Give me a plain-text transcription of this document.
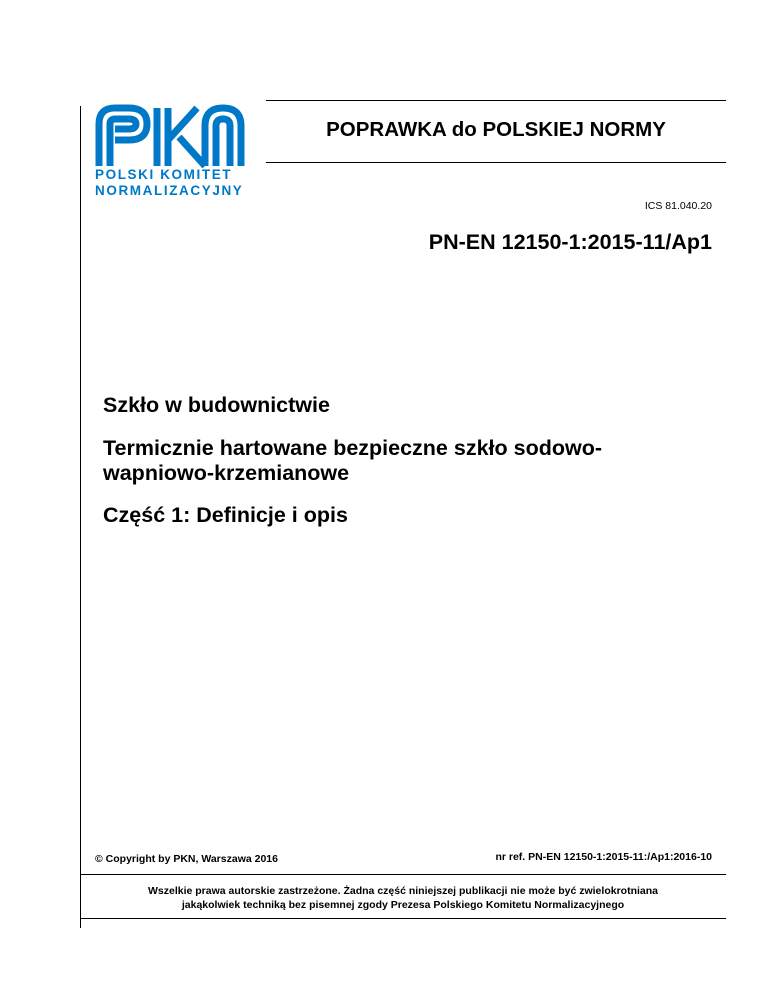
POLSKI KOMITET
NORMALIZACYJNY
POPRAWKA do POLSKIEJ NORMY
ICS 81.040.20
PN-EN 12150-1:2015-11/Ap1
Szkło w budownictwie
Termicznie hartowane bezpieczne szkło sodowo-
wapniowo-krzemianowe
Część 1: Definicje i opis
© Copyright by PKN, Warszawa 2016	nr ref. PN-EN 12150-1:2015-11:/Ap1:2016-10
Wszelkie prawa autorskie zastrzeżone. Żadna część niniejszej publikacji nie może być zwielokrotniana
jakąkolwiek techniką bez pisemnej zgody Prezesa Polskiego Komitetu Normalizacyjnego
